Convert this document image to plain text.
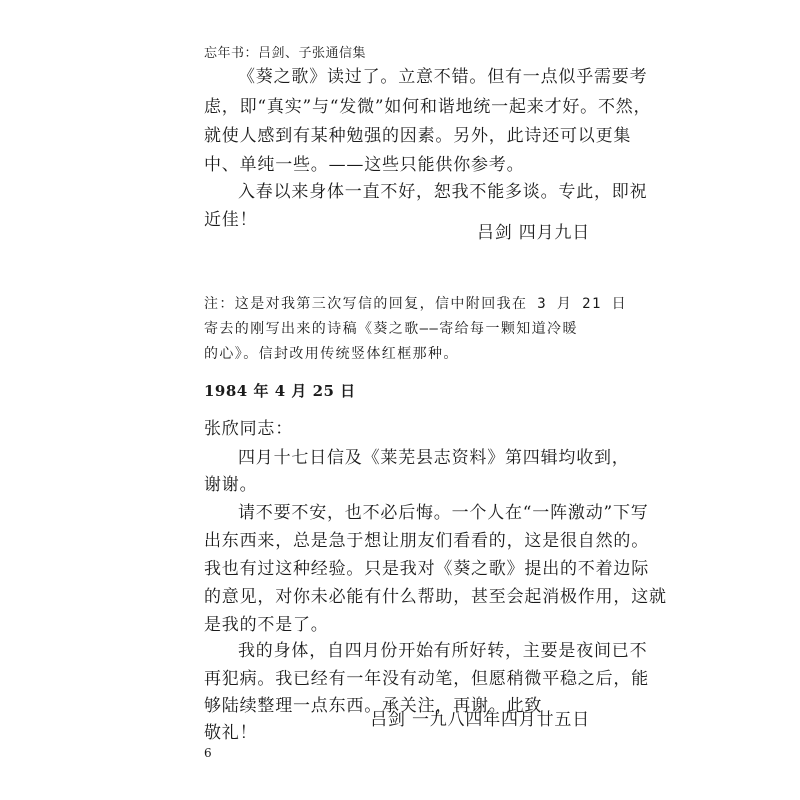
忘年书：吕剑、子张通信集
《葵之歌》读过了。立意不错。但有一点似乎需要考
虑，即“真实”与“发微”如何和谐地统一起来才好。不然，
就使人感到有某种勉强的因素。另外，此诗还可以更集
中、单纯一些。——这些只能供你参考。
入春以来身体一直不好，恕我不能多谈。专此，即祝
近佳！
吕剑 四月九日
注：这是对我第三次写信的回复，信中附回我在 3 月 21 日
寄去的刚写出来的诗稿《葵之歌——寄给每一颗知道冷暖
的心》。信封改用传统竖体红框那种。
1984 年 4 月 25 日
张欣同志：
四月十七日信及《莱芜县志资料》第四辑均收到，
谢谢。
请不要不安，也不必后悔。一个人在“一阵激动”下写
出东西来，总是急于想让朋友们看看的，这是很自然的。
我也有过这种经验。只是我对《葵之歌》提出的不着边际
的意见，对你未必能有什么帮助，甚至会起消极作用，这就
是我的不是了。
我的身体，自四月份开始有所好转，主要是夜间已不
再犯病。我已经有一年没有动笔，但愿稍微平稳之后，能
够陆续整理一点东西。承关注，再谢。此致
敬礼！
吕剑 一九八四年四月廿五日
6
